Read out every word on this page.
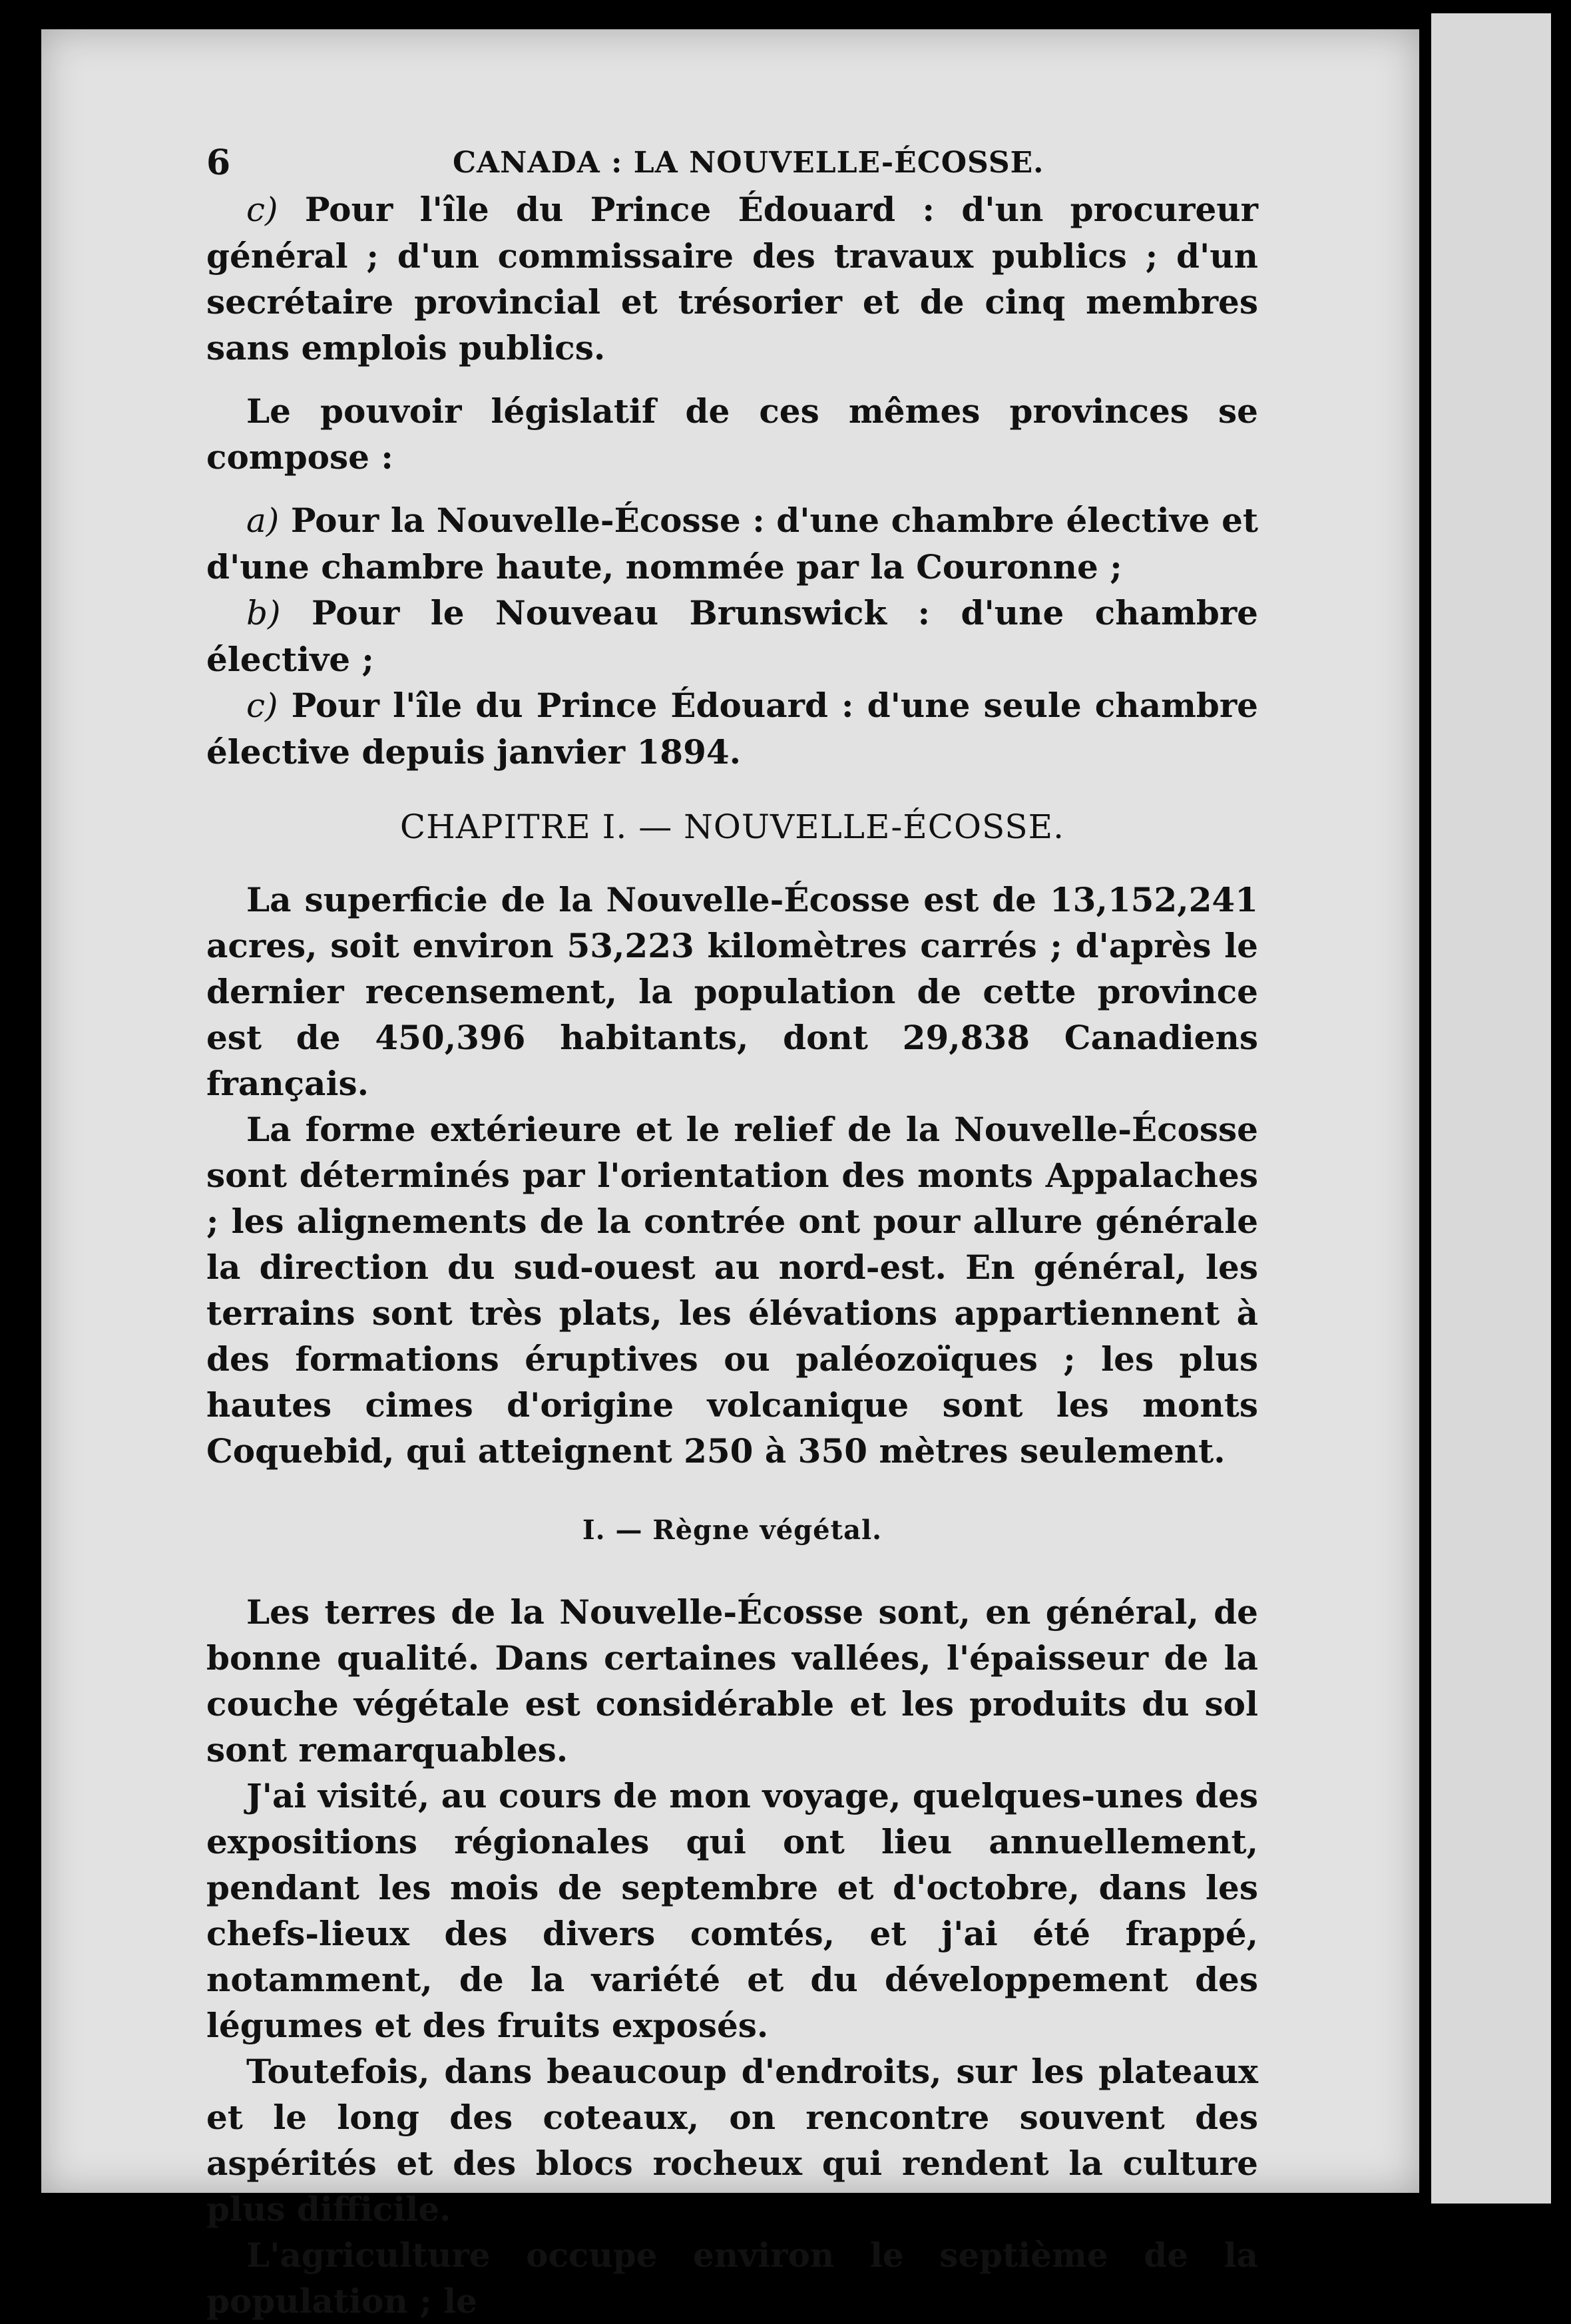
6	CANADA : LA NOUVELLE-ÉCOSSE.

c) Pour l'île du Prince Édouard : d'un procureur général ; d'un commissaire des travaux publics ; d'un secrétaire provincial et trésorier et de cinq membres sans emplois publics.

Le pouvoir législatif de ces mêmes provinces se compose :

a) Pour la Nouvelle-Écosse : d'une chambre élective et d'une chambre haute, nommée par la Couronne ;

b) Pour le Nouveau Brunswick : d'une chambre élective ;

c) Pour l'île du Prince Édouard : d'une seule chambre élective depuis janvier 1894.

CHAPITRE I. — NOUVELLE-ÉCOSSE.

La superficie de la Nouvelle-Écosse est de 13,152,241 acres, soit environ 53,223 kilomètres carrés ; d'après le dernier recensement, la population de cette province est de 450,396 habitants, dont 29,838 Canadiens français.

La forme extérieure et le relief de la Nouvelle-Écosse sont déterminés par l'orientation des monts Appalaches ; les alignements de la contrée ont pour allure générale la direction du sud-ouest au nord-est. En général, les terrains sont très plats, les élévations appartiennent à des formations éruptives ou paléozoïques ; les plus hautes cimes d'origine volcanique sont les monts Coquebid, qui atteignent 250 à 350 mètres seulement.

I. — Règne végétal.

Les terres de la Nouvelle-Écosse sont, en général, de bonne qualité. Dans certaines vallées, l'épaisseur de la couche végétale est considérable et les produits du sol sont remarquables.

J'ai visité, au cours de mon voyage, quelques-unes des expositions régionales qui ont lieu annuellement, pendant les mois de septembre et d'octobre, dans les chefs-lieux des divers comtés, et j'ai été frappé, notamment, de la variété et du développement des légumes et des fruits exposés.

Toutefois, dans beaucoup d'endroits, sur les plateaux et le long des coteaux, on rencontre souvent des aspérités et des blocs rocheux qui rendent la culture plus difficile.

L'agriculture occupe environ le septième de la population ; le
